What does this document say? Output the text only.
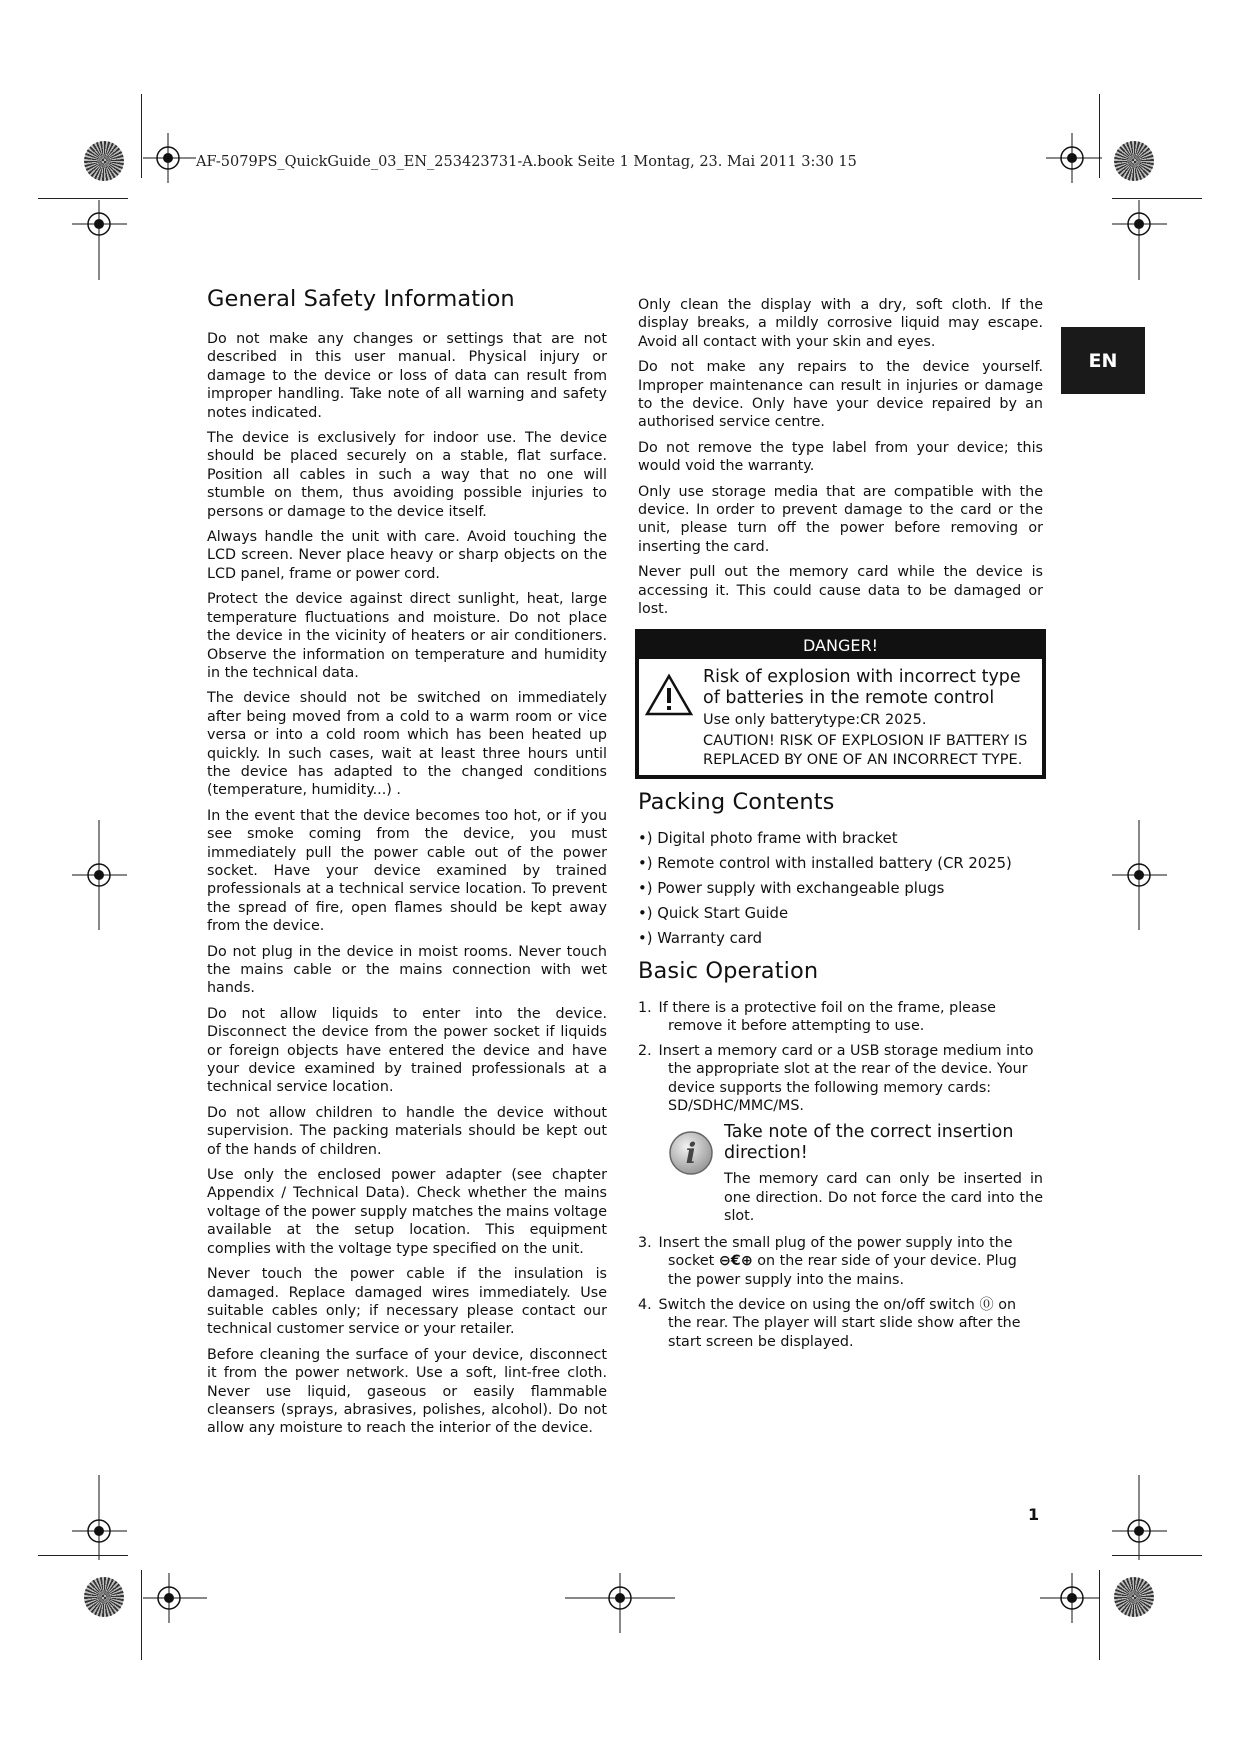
AF-5079PS_QuickGuide_03_EN_253423731-A.book Seite 1 Montag, 23. Mai 2011 3:30 15
EN
General Safety Information

Do not make any changes or settings that are not described in this user manual. Physical injury or damage to the device or loss of data can result from improper handling. Take note of all warning and safety notes indicated.

The device is exclusively for indoor use. The device should be placed securely on a stable, flat surface. Position all cables in such a way that no one will stumble on them, thus avoiding possible injuries to persons or damage to the device itself.

Always handle the unit with care. Avoid touching the LCD screen. Never place heavy or sharp objects on the LCD panel, frame or power cord.

Protect the device against direct sunlight, heat, large temperature fluctuations and moisture. Do not place the device in the vicinity of heaters or air conditioners. Observe the information on temperature and humidity in the technical data.

The device should not be switched on immediately after being moved from a cold to a warm room or vice versa or into a cold room which has been heated up quickly. In such cases, wait at least three hours until the device has adapted to the changed conditions (temperature, humidity...) .

In the event that the device becomes too hot, or if you see smoke coming from the device, you must immediately pull the power cable out of the power socket. Have your device examined by trained professionals at a technical service location. To prevent the spread of fire, open flames should be kept away from the device.

Do not plug in the device in moist rooms. Never touch the mains cable or the mains connection with wet hands.

Do not allow liquids to enter into the device. Disconnect the device from the power socket if liquids or foreign objects have entered the device and have your device examined by trained professionals at a technical service location.

Do not allow children to handle the device without supervision. The packing materials should be kept out of the hands of children.

Use only the enclosed power adapter (see chapter Appendix / Technical Data). Check whether the mains voltage of the power supply matches the mains voltage available at the setup location. This equipment complies with the voltage type specified on the unit.

Never touch the power cable if the insulation is damaged. Replace damaged wires immediately. Use suitable cables only; if necessary please contact our technical customer service or your retailer.

Before cleaning the surface of your device, disconnect it from the power network. Use a soft, lint-free cloth. Never use liquid, gaseous or easily flammable cleansers (sprays, abrasives, polishes, alcohol). Do not allow any moisture to reach the interior of the device.

Only clean the display with a dry, soft cloth. If the display breaks, a mildly corrosive liquid may escape. Avoid all contact with your skin and eyes.

Do not make any repairs to the device yourself. Improper maintenance can result in injuries or damage to the device. Only have your device repaired by an authorised service centre.

Do not remove the type label from your device; this would void the warranty.

Only use storage media that are compatible with the device. In order to prevent damage to the card or the unit, please turn off the power before removing or inserting the card.

Never pull out the memory card while the device is accessing it. This could cause data to be damaged or lost.

DANGER!
Risk of explosion with incorrect type of batteries in the remote control
Use only batterytype:CR 2025.
CAUTION! RISK OF EXPLOSION IF BATTERY IS REPLACED BY ONE OF AN INCORRECT TYPE.
Packing Contents
•) Digital photo frame with bracket
•) Remote control with installed battery (CR 2025)
•) Power supply with exchangeable plugs
•) Quick Start Guide
•) Warranty card
Basic Operation
1. If there is a protective foil on the frame, please remove it before attempting to use.
2. Insert a memory card or a USB storage medium into the appropriate slot at the rear of the device. Your device supports the following memory cards: SD/SDHC/MMC/MS.
i
Take note of the correct insertion direction!
The memory card can only be inserted in one direction. Do not force the card into the slot.
3. Insert the small plug of the power supply into the socket ⊖€⊕ on the rear side of your device. Plug the power supply into the mains.
4. Switch the device on using the on/off switch ⓪ on the rear. The player will start slide show after the start screen be displayed.
1
